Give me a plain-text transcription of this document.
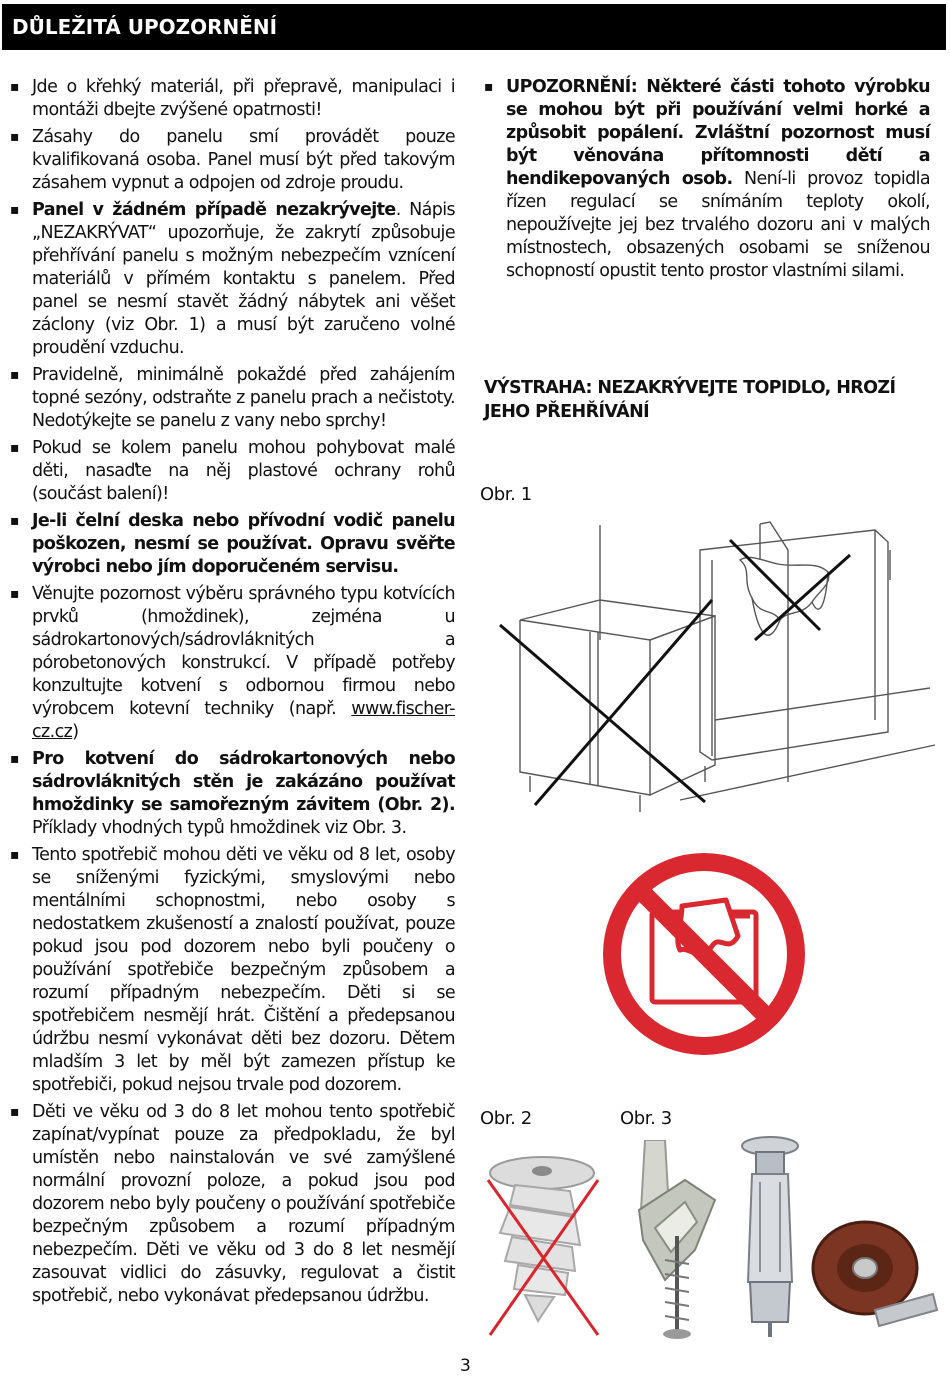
DŮLEŽITÁ UPOZORNĚNÍ

▪ Jde o křehký materiál, při přepravě, manipulaci i montáži dbejte zvýšené opatrnosti!

▪ Zásahy do panelu smí provádět pouze kvalifikovaná osoba. Panel musí být před takovým zásahem vypnut a odpojen od zdroje proudu.

▪ Panel v žádném případě nezakrývejte. Nápis „NEZAKRÝVAT“ upozorňuje, že zakrytí způsobuje přehřívání panelu s možným nebezpečím vznícení materiálů v přímém kontaktu s panelem. Před panel se nesmí stavět žádný nábytek ani věšet záclony (viz Obr. 1) a musí být zaručeno volné proudění vzduchu.

▪ Pravidelně, minimálně pokaždé před zahájením topné sezóny, odstraňte z panelu prach a nečistoty. Nedotýkejte se panelu z vany nebo sprchy!

▪ Pokud se kolem panelu mohou pohybovat malé děti, nasaďte na něj plastové ochrany rohů (součást balení)!

▪ Je-li čelní deska nebo přívodní vodič panelu poškozen, nesmí se používat. Opravu svěřte výrobci nebo jím doporučeném servisu.

▪ Věnujte pozornost výběru správného typu kotvících prvků (hmoždinek), zejména u sádrokartonových/sádrovláknitých a pórobetonových konstrukcí. V případě potřeby konzultujte kotvení s odbornou firmou nebo výrobcem kotevní techniky (např. www.fischer-cz.cz)

▪ Pro kotvení do sádrokartonových nebo sádrovláknitých stěn je zakázáno používat hmoždinky se samořezným závitem (Obr. 2). Příklady vhodných typů hmoždinek viz Obr. 3.

▪ Tento spotřebič mohou děti ve věku od 8 let, osoby se sníženými fyzickými, smyslovými nebo mentálními schopnostmi, nebo osoby s nedostatkem zkušeností a znalostí používat, pouze pokud jsou pod dozorem nebo byli poučeny o používání spotřebiče bezpečným způsobem a rozumí případným nebezpečím. Děti si se spotřebičem nesmějí hrát. Čištění a předepsanou údržbu nesmí vykonávat děti bez dozoru. Dětem mladším 3 let by měl být zamezen přístup ke spotřebiči, pokud nejsou trvale pod dozorem.

▪ Děti ve věku od 3 do 8 let mohou tento spotřebič zapínat/vypínat pouze za předpokladu, že byl umístěn nebo nainstalován ve své zamýšlené normální provozní poloze, a pokud jsou pod dozorem nebo byly poučeny o používání spotřebiče bezpečným způsobem a rozumí případným nebezpečím. Děti ve věku od 3 do 8 let nesmějí zasouvat vidlici do zásuvky, regulovat a čistit spotřebič, nebo vykonávat předepsanou údržbu.

▪ UPOZORNĚNÍ: Některé části tohoto výrobku se mohou být při používání velmi horké a způsobit popálení. Zvláštní pozornost musí být věnována přítomnosti dětí a hendikepovaných osob. Není-li provoz topidla řízen regulací se snímáním teploty okolí, nepoužívejte jej bez trvalého dozoru ani v malých místnostech, obsazených osobami se sníženou schopností opustit tento prostor vlastními silami.

VÝSTRAHA: NEZAKRÝVEJTE TOPIDLO, HROZÍ JEHO PŘEHŘÍVÁNÍ
Obr. 1
Obr. 2	Obr. 3
3
